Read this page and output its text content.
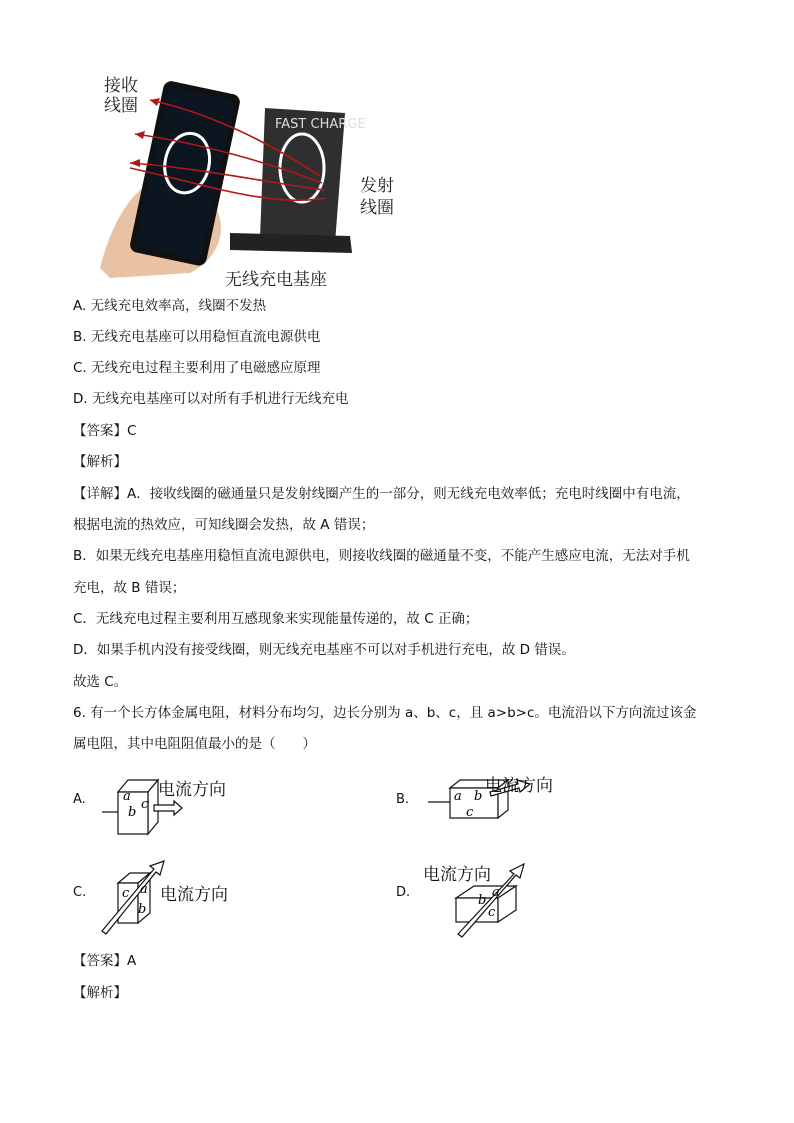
FAST CHARGE
接收
线圈
发射
线圈
无线充电基座
A. 无线充电效率高，线圈不发热
B. 无线充电基座可以用稳恒直流电源供电
C. 无线充电过程主要利用了电磁感应原理
D. 无线充电基座可以对所有手机进行无线充电
【答案】C
【解析】
【详解】A．接收线圈的磁通量只是发射线圈产生的一部分，则无线充电效率低；充电时线圈中有电流，
根据电流的热效应，可知线圈会发热，故 A 错误；
B．如果无线充电基座用稳恒直流电源供电，则接收线圈的磁通量不变，不能产生感应电流，无法对手机
充电，故 B 错误；
C．无线充电过程主要利用互感现象来实现能量传递的，故 C 正确；
D．如果手机内没有接受线圈，则无线充电基座不可以对手机进行充电，故 D 错误。
故选 C。
6. 有一个长方体金属电阻，材料分布均匀，边长分别为 a、b、c，且 a>b>c。电流沿以下方向流过该金
属电阻，其中电阻阻值最小的是（　　）
A.	a
b
c
电流方向	B.	a b
c
电流方向
C.	c a
b
电流方向	D.
b
a
c
电流方向
【答案】A
【解析】
